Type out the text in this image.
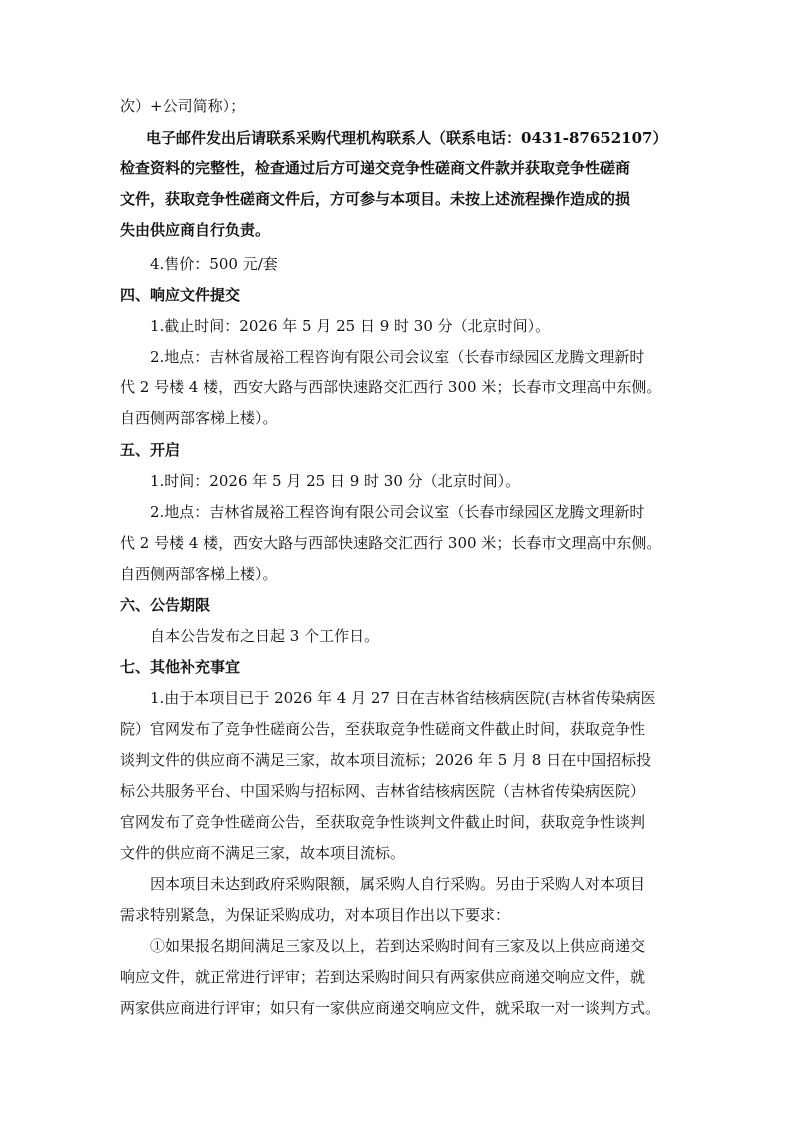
次）+公司简称）；
电子邮件发出后请联系采购代理机构联系人（联系电话：0431-87652107）
检查资料的完整性，检查通过后方可递交竞争性磋商文件款并获取竞争性磋商
文件，获取竞争性磋商文件后，方可参与本项目。未按上述流程操作造成的损
失由供应商自行负责。
4.售价：500 元/套
四、响应文件提交
1.截止时间：2026 年 5 月 25 日 9 时 30 分（北京时间）。
2.地点：吉林省晟裕工程咨询有限公司会议室（长春市绿园区龙腾文理新时
代 2 号楼 4 楼，西安大路与西部快速路交汇西行 300 米；长春市文理高中东侧。
自西侧两部客梯上楼）。
五、开启
1.时间：2026 年 5 月 25 日 9 时 30 分（北京时间）。
2.地点：吉林省晟裕工程咨询有限公司会议室（长春市绿园区龙腾文理新时
代 2 号楼 4 楼，西安大路与西部快速路交汇西行 300 米；长春市文理高中东侧。
自西侧两部客梯上楼）。
六、公告期限
自本公告发布之日起 3 个工作日。
七、其他补充事宜
1.由于本项目已于 2026 年 4 月 27 日在吉林省结核病医院(吉林省传染病医
院）官网发布了竞争性磋商公告，至获取竞争性磋商文件截止时间，获取竞争性
谈判文件的供应商不满足三家，故本项目流标；2026 年 5 月 8 日在中国招标投
标公共服务平台、中国采购与招标网、吉林省结核病医院（吉林省传染病医院）
官网发布了竞争性磋商公告，至获取竞争性谈判文件截止时间，获取竞争性谈判
文件的供应商不满足三家，故本项目流标。
因本项目未达到政府采购限额，属采购人自行采购。另由于采购人对本项目
需求特别紧急，为保证采购成功，对本项目作出以下要求：
①如果报名期间满足三家及以上，若到达采购时间有三家及以上供应商递交
响应文件，就正常进行评审；若到达采购时间只有两家供应商递交响应文件，就
两家供应商进行评审；如只有一家供应商递交响应文件，就采取一对一谈判方式。
